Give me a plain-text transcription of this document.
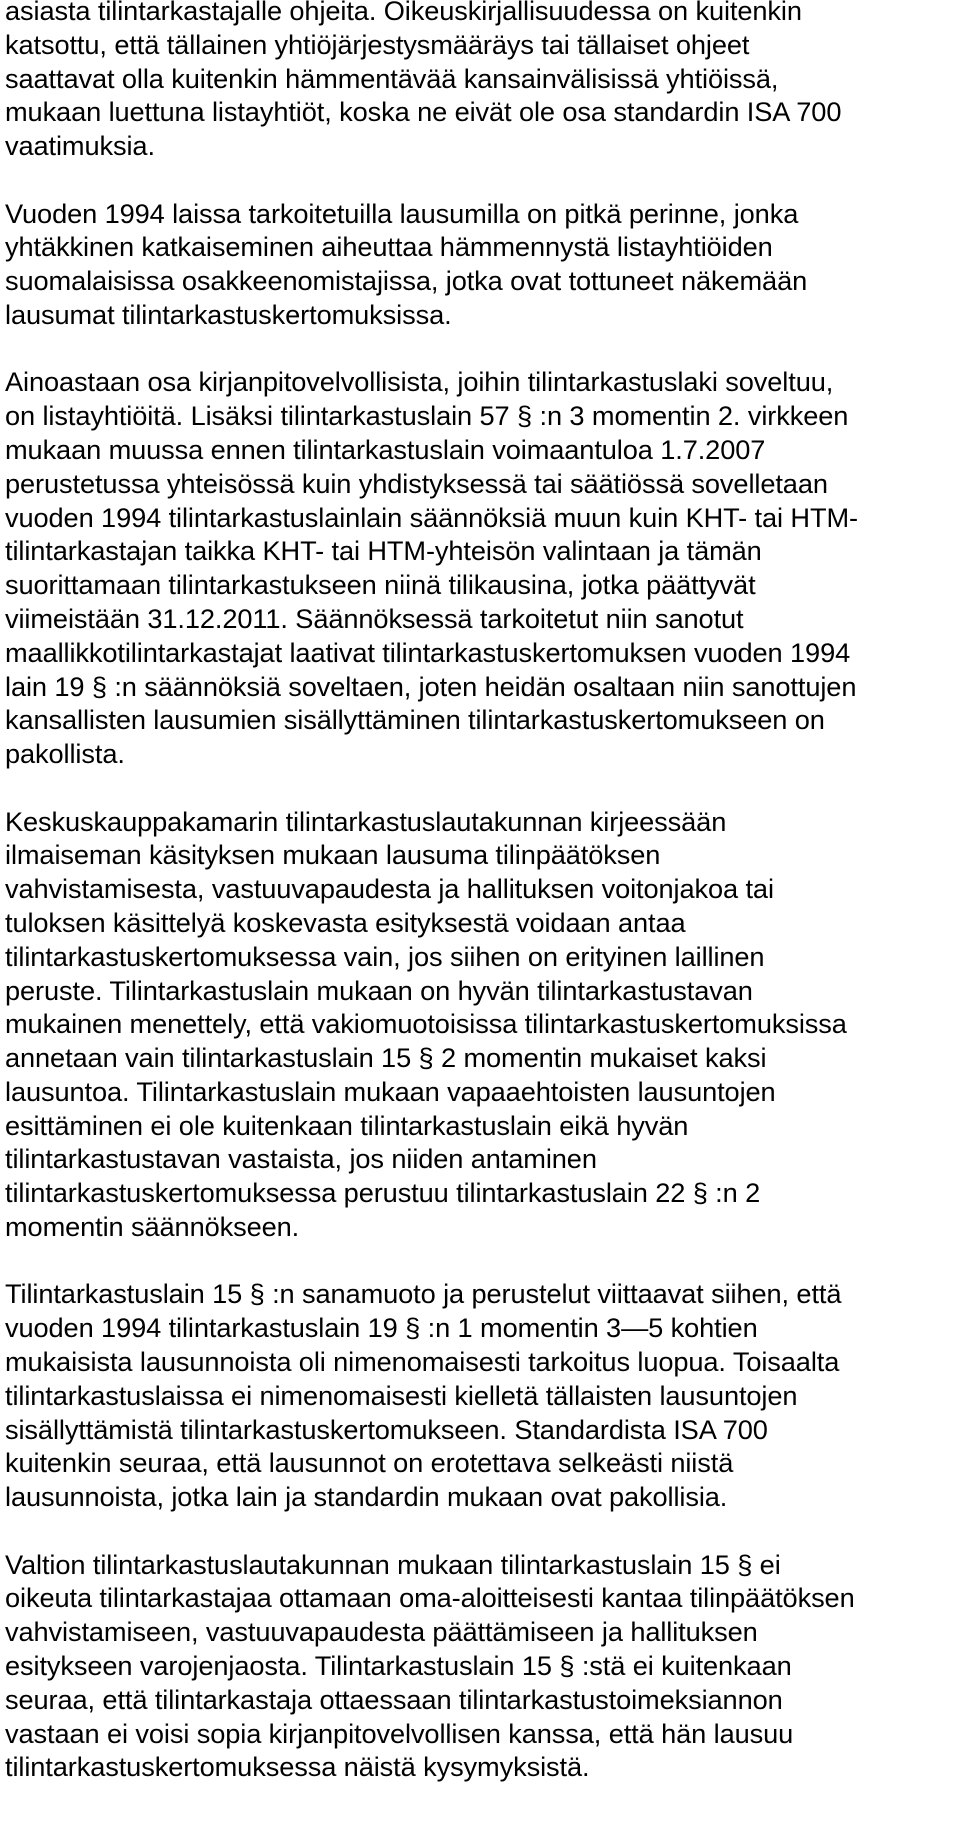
asiasta tilintarkastajalle ohjeita. Oikeuskirjallisuudessa on kuitenkin
katsottu, että tällainen yhtiöjärjestysmääräys tai tällaiset ohjeet
saattavat olla kuitenkin hämmentävää kansainvälisissä yhtiöissä,
mukaan luettuna listayhtiöt, koska ne eivät ole osa standardin ISA 700
vaatimuksia.

Vuoden 1994 laissa tarkoitetuilla lausumilla on pitkä perinne, jonka
yhtäkkinen katkaiseminen aiheuttaa hämmennystä listayhtiöiden
suomalaisissa osakkeenomistajissa, jotka ovat tottuneet näkemään
lausumat tilintarkastuskertomuksissa.

Ainoastaan osa kirjanpitovelvollisista, joihin tilintarkastuslaki soveltuu,
on listayhtiöitä. Lisäksi tilintarkastuslain 57 § :n 3 momentin 2. virkkeen
mukaan muussa ennen tilintarkastuslain voimaantuloa 1.7.2007
perustetussa yhteisössä kuin yhdistyksessä tai säätiössä sovelletaan
vuoden 1994 tilintarkastuslainlain säännöksiä muun kuin KHT- tai HTM-
tilintarkastajan taikka KHT- tai HTM-yhteisön valintaan ja tämän
suorittamaan tilintarkastukseen niinä tilikausina, jotka päättyvät
viimeistään 31.12.2011. Säännöksessä tarkoitetut niin sanotut
maallikkotilintarkastajat laativat tilintarkastuskertomuksen vuoden 1994
lain 19 § :n säännöksiä soveltaen, joten heidän osaltaan niin sanottujen
kansallisten lausumien sisällyttäminen tilintarkastuskertomukseen on
pakollista.

Keskuskauppakamarin tilintarkastuslautakunnan kirjeessään
ilmaiseman käsityksen mukaan lausuma tilinpäätöksen
vahvistamisesta, vastuuvapaudesta ja hallituksen voitonjakoa tai
tuloksen käsittelyä koskevasta esityksestä voidaan antaa
tilintarkastuskertomuksessa vain, jos siihen on erityinen laillinen
peruste. Tilintarkastuslain mukaan on hyvän tilintarkastustavan
mukainen menettely, että vakiomuotoisissa tilintarkastuskertomuksissa
annetaan vain tilintarkastuslain 15 § 2 momentin mukaiset kaksi
lausuntoa. Tilintarkastuslain mukaan vapaaehtoisten lausuntojen
esittäminen ei ole kuitenkaan tilintarkastuslain eikä hyvän
tilintarkastustavan vastaista, jos niiden antaminen
tilintarkastuskertomuksessa perustuu tilintarkastuslain 22 § :n 2
momentin säännökseen.

Tilintarkastuslain 15 § :n sanamuoto ja perustelut viittaavat siihen, että
vuoden 1994 tilintarkastuslain 19 § :n 1 momentin 3—5 kohtien
mukaisista lausunnoista oli nimenomaisesti tarkoitus luopua. Toisaalta
tilintarkastuslaissa ei nimenomaisesti kielletä tällaisten lausuntojen
sisällyttämistä tilintarkastuskertomukseen. Standardista ISA 700
kuitenkin seuraa, että lausunnot on erotettava selkeästi niistä
lausunnoista, jotka lain ja standardin mukaan ovat pakollisia.

Valtion tilintarkastuslautakunnan mukaan tilintarkastuslain 15 § ei
oikeuta tilintarkastajaa ottamaan oma-aloitteisesti kantaa tilinpäätöksen
vahvistamiseen, vastuuvapaudesta päättämiseen ja hallituksen
esitykseen varojenjaosta. Tilintarkastuslain 15 § :stä ei kuitenkaan
seuraa, että tilintarkastaja ottaessaan tilintarkastustoimeksiannon
vastaan ei voisi sopia kirjanpitovelvollisen kanssa, että hän lausuu
tilintarkastuskertomuksessa näistä kysymyksistä.
